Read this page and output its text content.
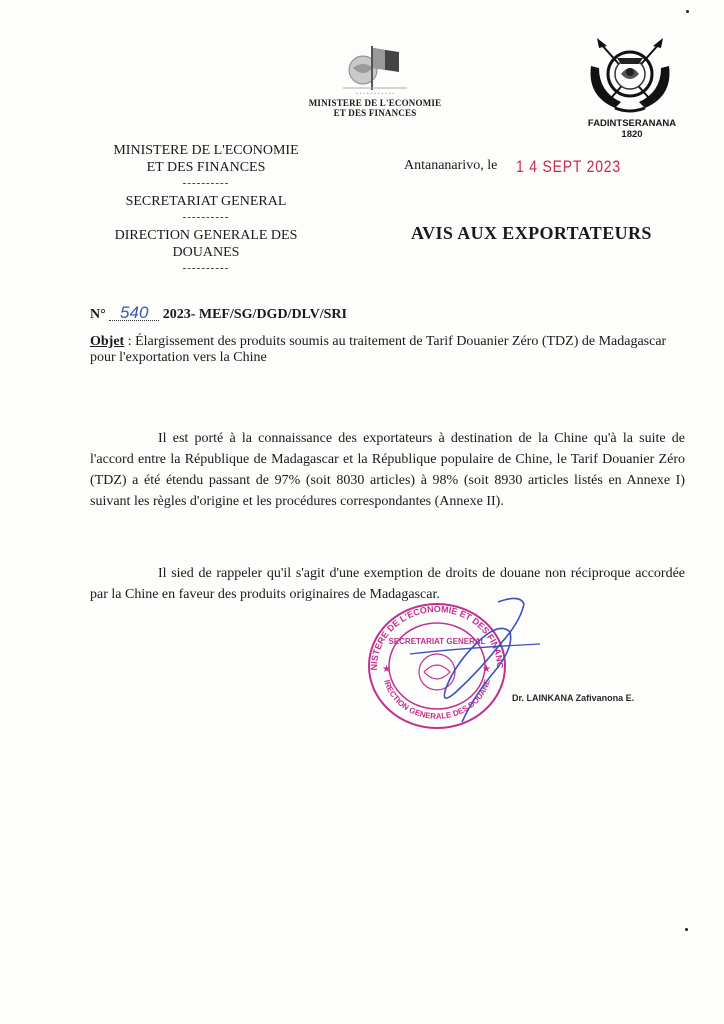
• • • • • • • • • • •
MINISTERE DE L'ECONOMIE
ET DES FINANCES
FADINTSERANANA
1820
MINISTERE DE L'ECONOMIE
ET DES FINANCES
----------
SECRETARIAT GENERAL
----------
DIRECTION GENERALE DES
DOUANES
----------
Antananarivo, le 1 4 SEPT 2023
AVIS AUX EXPORTATEURS
N° 540 2023- MEF/SG/DGD/DLV/SRI
Objet : Élargissement des produits soumis au traitement de Tarif Douanier Zéro (TDZ) de Madagascar pour l'exportation vers la Chine
Il est porté à la connaissance des exportateurs à destination de la Chine qu'à la suite de l'accord entre la République de Madagascar et la République populaire de Chine, le Tarif Douanier Zéro (TDZ) a été étendu passant de 97% (soit 8030 articles) à 98% (soit 8930 articles listés en Annexe I) suivant les règles d'origine et les procédures correspondantes (Annexe II).
Il sied de rappeler qu'il s'agit d'une exemption de droits de douane non réciproque accordée par la Chine en faveur des produits originaires de Madagascar.
NISTERE DE L'ECONOMIE ET DES FINANC
IRECTION GENERALE DES DOUANE
SECRETARIAT GENERAL
★	★
Dr. LAINKANA Zafivanona E.
